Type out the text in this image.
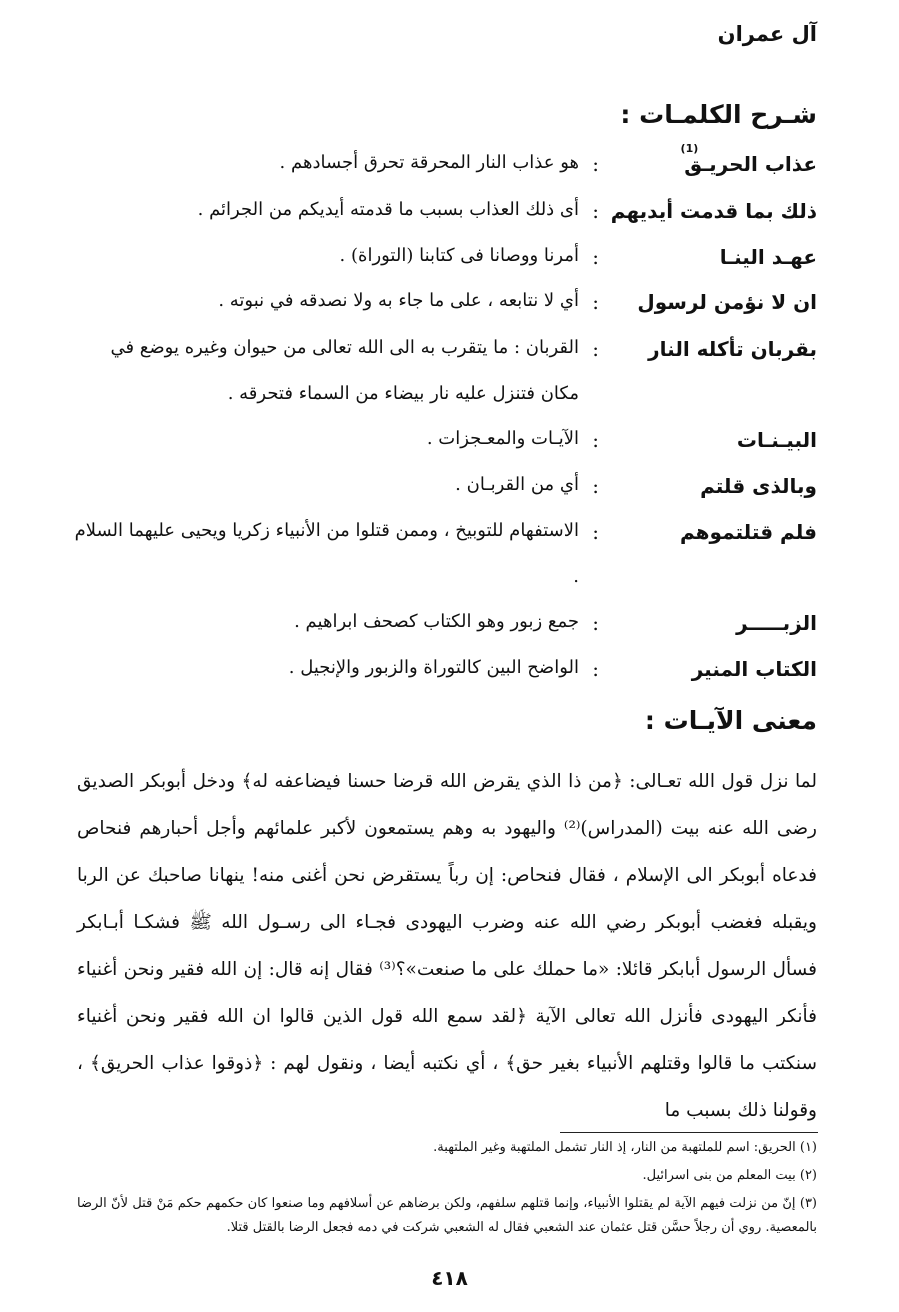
آل عمران
شـرح الكلمـات :
عذاب الحريـق$^{(1)}$
:
هو عذاب النار المحرقة تحرق أجسادهم .
ذلك بما قدمت أيديهم
:
أى ذلك العذاب بسبب ما قدمته أيديكم من الجرائم .
عهـد الينـا
:
أمرنا ووصانا فى كتابنا (التوراة) .
ان لا نؤمن لرسول
:
أي لا نتابعه ، على ما جاء به ولا نصدقه في نبوته .
بقربان تأكله النار
:
القربان : ما يتقرب به الى الله تعالى من حيوان وغيره يوضع في مكان فتنزل عليه نار بيضاء من السماء فتحرقه .
البيـنـات
:
الآيـات والمعـجزات .
وبالذى قلتم
:
أي من القربـان .
فلم قتلتموهم
:
الاستفهام للتوبيخ ، وممن قتلوا من الأنبياء زكريا ويحيى عليهما السلام .
الزبـــــر
:
جمع زبور وهو الكتاب كصحف ابراهيم .
الكتاب المنير
:
الواضح البين كالتوراة والزبور والإنجيل .
معنى الآيـات :
لما نزل قول الله تعـالى: ﴿من ذا الذي يقرض الله قرضا حسنا فيضاعفه له﴾ ودخل أبوبكر الصديق رضى الله عنه بيت (المدراس)⁽²⁾ واليهود به وهم يستمعون لأكبر علمائهم وأجل أحبارهم فنحاص فدعاه أبوبكر الى الإسلام ، فقال فنحاص: إن رباً يستقرض نحن أغنى منه! ينهانا صاحبك عن الربا ويقبله فغضب أبوبكر رضي الله عنه وضرب اليهودى فجـاء الى رسـول الله ﷺ فشكـا أبـابكر فسأل الرسول أبابكر قائلا: «ما حملك على ما صنعت»؟⁽³⁾ فقال إنه قال: إن الله فقير ونحن أغنياء فأنكر اليهودى فأنزل الله تعالى الآية ﴿لقد سمع الله قول الذين قالوا ان الله فقير ونحن أغنياء سنكتب ما قالوا وقتلهم الأنبياء بغير حق﴾ ، أي نكتبه أيضا ، ونقول لهم : ﴿ذوقوا عذاب الحريق﴾ ، وقولنا ذلك بسبب ما

(١) الحريق: اسم للملتهبة من النار، إذ النار تشمل الملتهبة وغير الملتهبة.

(٢) بيت المعلم من بنى اسرائيل.

(٣) إنّ من نزلت فيهم الآية لم يقتلوا الأنبياء، وإنما قتلهم سلفهم، ولكن برضاهم عن أسلافهم وما صنعوا كان حكمهم حكم مَنْ قتل لأنّ الرضا بالمعصية. روي أن رجلاً حسَّن قتل عثمان عند الشعبي فقال له الشعبي شركت في دمه فجعل الرضا بالقتل قتلا.

٤١٨
